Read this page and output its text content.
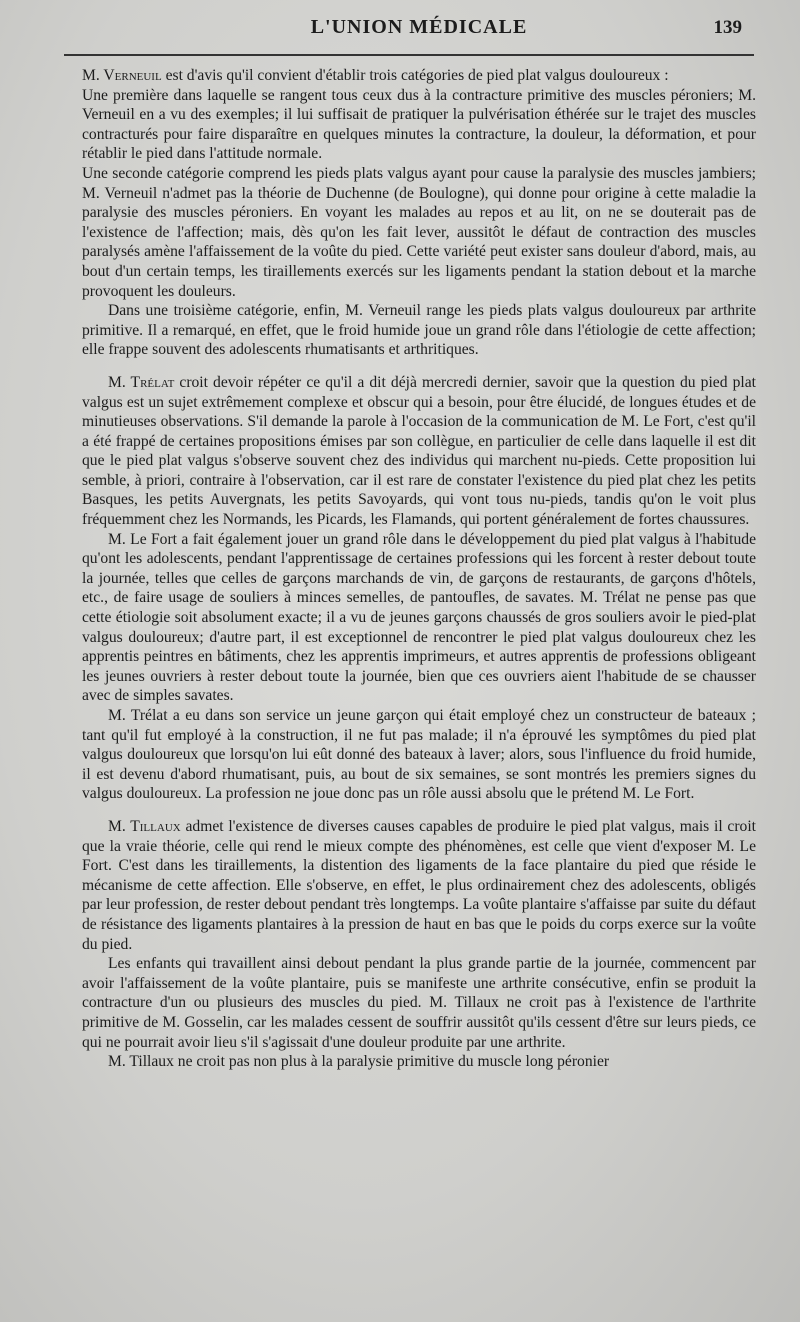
L'UNION MÉDICALE	139

M. Verneuil est d'avis qu'il convient d'établir trois catégories de pied plat valgus douloureux :

Une première dans laquelle se rangent tous ceux dus à la contracture primitive des muscles péroniers; M. Verneuil en a vu des exemples; il lui suffisait de pratiquer la pulvérisation éthérée sur le trajet des muscles contracturés pour faire disparaître en quelques minutes la contracture, la douleur, la déformation, et pour rétablir le pied dans l'attitude normale.

Une seconde catégorie comprend les pieds plats valgus ayant pour cause la paralysie des muscles jambiers; M. Verneuil n'admet pas la théorie de Duchenne (de Boulogne), qui donne pour origine à cette maladie la paralysie des muscles péroniers. En voyant les malades au repos et au lit, on ne se douterait pas de l'existence de l'affection; mais, dès qu'on les fait lever, aussitôt le défaut de contraction des muscles paralysés amène l'affaissement de la voûte du pied. Cette variété peut exister sans douleur d'abord, mais, au bout d'un certain temps, les tiraillements exercés sur les ligaments pendant la station debout et la marche provoquent les douleurs.

Dans une troisième catégorie, enfin, M. Verneuil range les pieds plats valgus douloureux par arthrite primitive. Il a remarqué, en effet, que le froid humide joue un grand rôle dans l'étiologie de cette affection; elle frappe souvent des adolescents rhumatisants et arthritiques.

M. Trélat croit devoir répéter ce qu'il a dit déjà mercredi dernier, savoir que la question du pied plat valgus est un sujet extrêmement complexe et obscur qui a besoin, pour être élucidé, de longues études et de minutieuses observations. S'il demande la parole à l'occasion de la communication de M. Le Fort, c'est qu'il a été frappé de certaines propositions émises par son collègue, en particulier de celle dans laquelle il est dit que le pied plat valgus s'observe souvent chez des individus qui marchent nu-pieds. Cette proposition lui semble, à priori, contraire à l'observation, car il est rare de constater l'existence du pied plat chez les petits Basques, les petits Auvergnats, les petits Savoyards, qui vont tous nu-pieds, tandis qu'on le voit plus fréquemment chez les Normands, les Picards, les Flamands, qui portent généralement de fortes chaussures.

M. Le Fort a fait également jouer un grand rôle dans le développement du pied plat valgus à l'habitude qu'ont les adolescents, pendant l'apprentissage de certaines professions qui les forcent à rester debout toute la journée, telles que celles de garçons marchands de vin, de garçons de restaurants, de garçons d'hôtels, etc., de faire usage de souliers à minces semelles, de pantoufles, de savates. M. Trélat ne pense pas que cette étiologie soit absolument exacte; il a vu de jeunes garçons chaussés de gros souliers avoir le pied-plat valgus douloureux; d'autre part, il est exceptionnel de rencontrer le pied plat valgus douloureux chez les apprentis peintres en bâtiments, chez les apprentis imprimeurs, et autres apprentis de professions obligeant les jeunes ouvriers à rester debout toute la journée, bien que ces ouvriers aient l'habitude de se chausser avec de simples savates.

M. Trélat a eu dans son service un jeune garçon qui était employé chez un constructeur de bateaux ; tant qu'il fut employé à la construction, il ne fut pas malade; il n'a éprouvé les symptômes du pied plat valgus douloureux que lorsqu'on lui eût donné des bateaux à laver; alors, sous l'influence du froid humide, il est devenu d'abord rhumatisant, puis, au bout de six semaines, se sont montrés les premiers signes du valgus douloureux. La profession ne joue donc pas un rôle aussi absolu que le prétend M. Le Fort.

M. Tillaux admet l'existence de diverses causes capables de produire le pied plat valgus, mais il croit que la vraie théorie, celle qui rend le mieux compte des phénomènes, est celle que vient d'exposer M. Le Fort. C'est dans les tiraillements, la distention des ligaments de la face plantaire du pied que réside le mécanisme de cette affection. Elle s'observe, en effet, le plus ordinairement chez des adolescents, obligés par leur profession, de rester debout pendant très longtemps. La voûte plantaire s'affaisse par suite du défaut de résistance des ligaments plantaires à la pression de haut en bas que le poids du corps exerce sur la voûte du pied.

Les enfants qui travaillent ainsi debout pendant la plus grande partie de la journée, commencent par avoir l'affaissement de la voûte plantaire, puis se manifeste une arthrite consécutive, enfin se produit la contracture d'un ou plusieurs des muscles du pied. M. Tillaux ne croit pas à l'existence de l'arthrite primitive de M. Gosselin, car les malades cessent de souffrir aussitôt qu'ils cessent d'être sur leurs pieds, ce qui ne pourrait avoir lieu s'il s'agissait d'une douleur produite par une arthrite.

M. Tillaux ne croit pas non plus à la paralysie primitive du muscle long péronier
